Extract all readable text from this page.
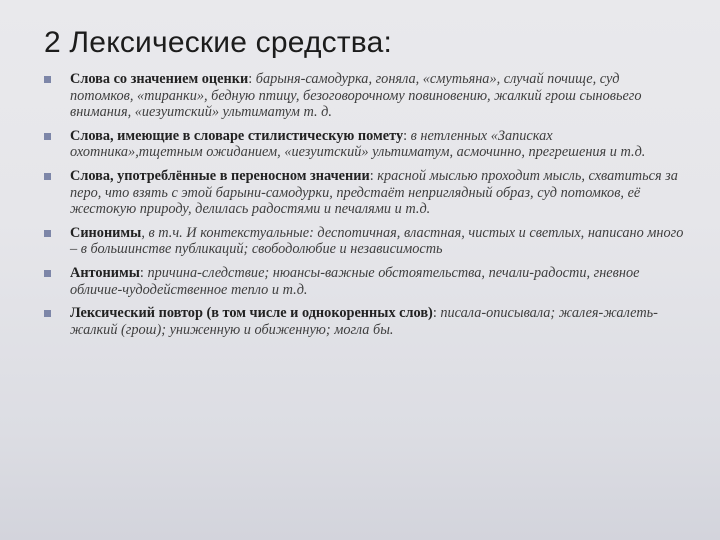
2 Лексические средства:
Слова со значением оценки: барыня-самодурка, гоняла, «смутьяна», случай почище, суд потомков, «тиранки», бедную птицу, безоговорочному повиновению, жалкий грош сыновьего внимания, «иезуитский» ультиматум т. д.
Слова, имеющие в словаре стилистическую помету: в нетленных «Записках охотника»,тщетным ожиданием, «иезуитский» ультиматум, асмочинно, прегрешения и т.д.
Слова, употреблённые в переносном значении: красной мыслью проходит мысль, схватиться за перо, что взять с этой барыни-самодурки, предстаёт неприглядный образ, суд потомков, её жестокую природу, делилась радостями и печалями и т.д.
Синонимы, в т.ч. И контекстуальные: деспотичная, властная, чистых и светлых, написано много – в большинстве публикаций; свободолюбие и независимость
Антонимы: причина-следствие; нюансы-важные обстоятельства, печали-радости, гневное обличие-чудодейственное тепло и т.д.
Лексический повтор (в том числе и однокоренных слов): писала-описывала; жалея-жалеть-жалкий (грош); униженную и обиженную; могла бы.
